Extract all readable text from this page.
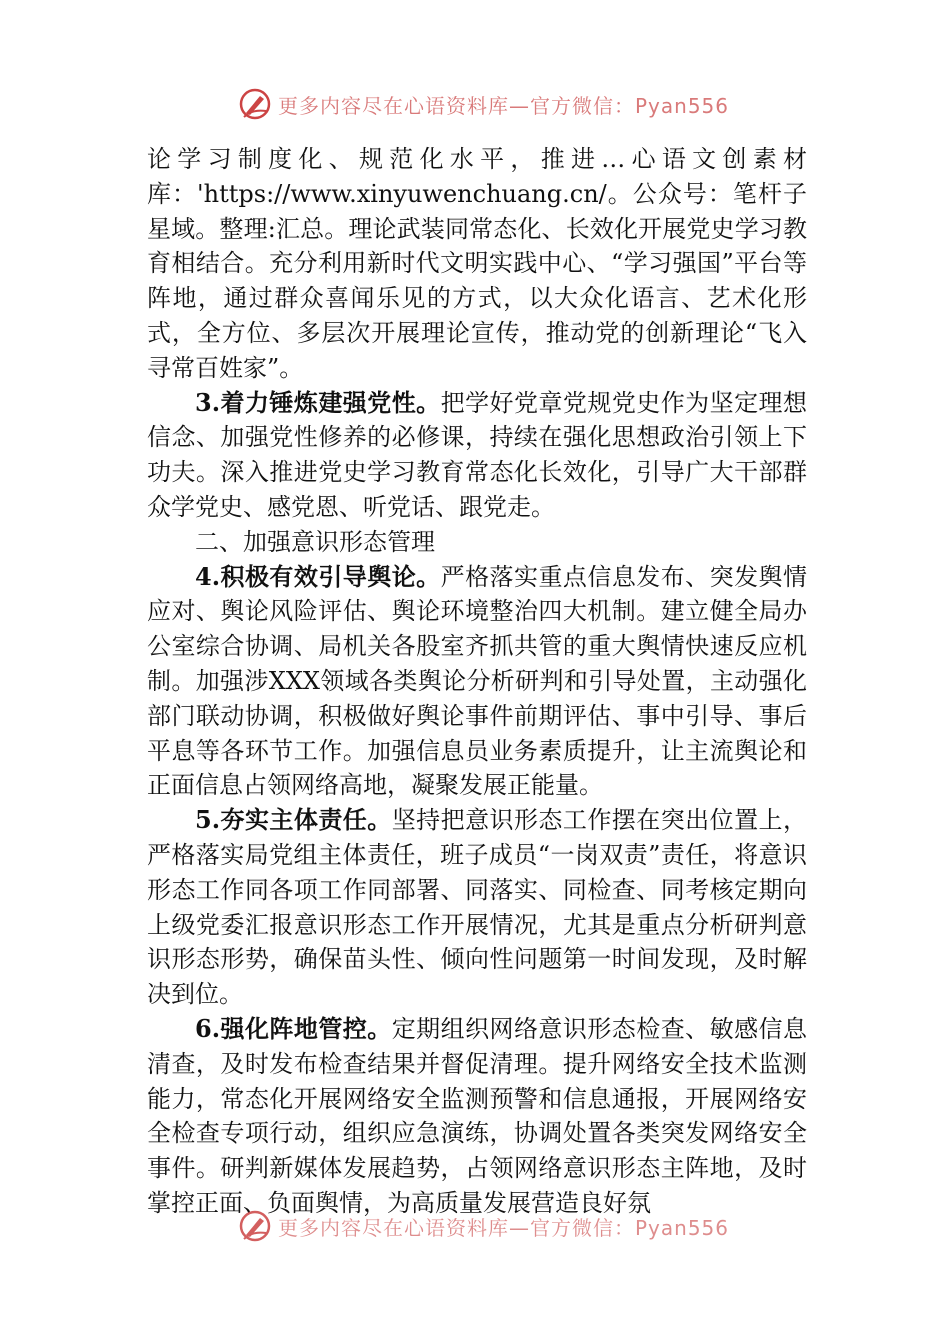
更多内容尽在心语资料库—官方微信：Pyan556

论学习制度化、规范化水平，推进…心语文创素材库：'https://www.xinyuwenchuang.cn/。公众号：笔杆子星域。整理:汇总。理论武装同常态化、长效化开展党史学习教育相结合。充分利用新时代文明实践中心、“学习强国”平台等阵地，通过群众喜闻乐见的方式，以大众化语言、艺术化形式，全方位、多层次开展理论宣传，推动党的创新理论“飞入寻常百姓家”。

3.着力锤炼建强党性。把学好党章党规党史作为坚定理想信念、加强党性修养的必修课，持续在强化思想政治引领上下功夫。深入推进党史学习教育常态化长效化，引导广大干部群众学党史、感党恩、听党话、跟党走。

二、加强意识形态管理

4.积极有效引导舆论。严格落实重点信息发布、突发舆情应对、舆论风险评估、舆论环境整治四大机制。建立健全局办公室综合协调、局机关各股室齐抓共管的重大舆情快速反应机制。加强涉XXX领域各类舆论分析研判和引导处置，主动强化部门联动协调，积极做好舆论事件前期评估、事中引导、事后平息等各环节工作。加强信息员业务素质提升，让主流舆论和正面信息占领网络高地，凝聚发展正能量。

5.夯实主体责任。坚持把意识形态工作摆在突出位置上，严格落实局党组主体责任，班子成员“一岗双责”责任，将意识形态工作同各项工作同部署、同落实、同检查、同考核定期向上级党委汇报意识形态工作开展情况，尤其是重点分析研判意识形态形势，确保苗头性、倾向性问题第一时间发现，及时解决到位。

6.强化阵地管控。定期组织网络意识形态检查、敏感信息清查，及时发布检查结果并督促清理。提升网络安全技术监测能力，常态化开展网络安全监测预警和信息通报，开展网络安全检查专项行动，组织应急演练，协调处置各类突发网络安全事件。研判新媒体发展趋势，占领网络意识形态主阵地，及时掌控正面、负面舆情，为高质量发展营造良好氛

更多内容尽在心语资料库—官方微信：Pyan556
